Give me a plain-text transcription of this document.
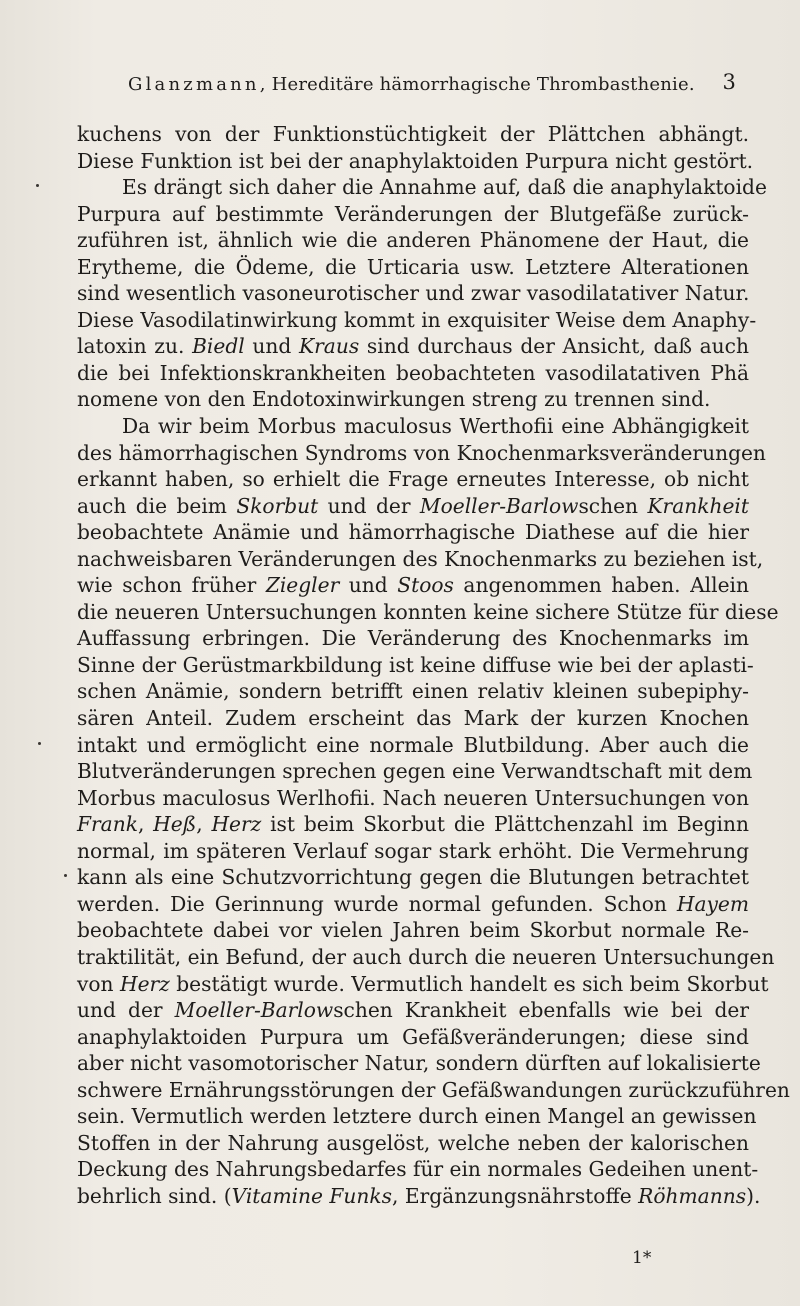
Glanzmann, Hereditäre hämorrhagische Thrombasthenie. 3
kuchens von der Funktionstüchtigkeit der Plättchen abhängt.
Diese Funktion ist bei der anaphylaktoiden Purpura nicht gestört.
Es drängt sich daher die Annahme auf, daß die anaphylaktoide
Purpura auf bestimmte Veränderungen der Blutgefäße zurück-
zuführen ist, ähnlich wie die anderen Phänomene der Haut, die
Erytheme, die Ödeme, die Urticaria usw. Letztere Alterationen
sind wesentlich vasoneurotischer und zwar vasodilatativer Natur.
Diese Vasodilatinwirkung kommt in exquisiter Weise dem Anaphy-
latoxin zu. Biedl und Kraus sind durchaus der Ansicht, daß auch
die bei Infektionskrankheiten beobachteten vasodilatativen Phä
nomene von den Endotoxinwirkungen streng zu trennen sind.
Da wir beim Morbus maculosus Werthofii eine Abhängigkeit
des hämorrhagischen Syndroms von Knochenmarksveränderungen
erkannt haben, so erhielt die Frage erneutes Interesse, ob nicht
auch die beim Skorbut und der Moeller-Barlowschen Krankheit
beobachtete Anämie und hämorrhagische Diathese auf die hier
nachweisbaren Veränderungen des Knochenmarks zu beziehen ist,
wie schon früher Ziegler und Stoos angenommen haben. Allein
die neueren Untersuchungen konnten keine sichere Stütze für diese
Auffassung erbringen. Die Veränderung des Knochenmarks im
Sinne der Gerüstmarkbildung ist keine diffuse wie bei der aplasti-
schen Anämie, sondern betrifft einen relativ kleinen subepiphy-
sären Anteil. Zudem erscheint das Mark der kurzen Knochen
intakt und ermöglicht eine normale Blutbildung. Aber auch die
Blutveränderungen sprechen gegen eine Verwandtschaft mit dem
Morbus maculosus Werlhofii. Nach neueren Untersuchungen von
Frank, Heß, Herz ist beim Skorbut die Plättchenzahl im Beginn
normal, im späteren Verlauf sogar stark erhöht. Die Vermehrung
kann als eine Schutzvorrichtung gegen die Blutungen betrachtet
werden. Die Gerinnung wurde normal gefunden. Schon Hayem
beobachtete dabei vor vielen Jahren beim Skorbut normale Re-
traktilität, ein Befund, der auch durch die neueren Untersuchungen
von Herz bestätigt wurde. Vermutlich handelt es sich beim Skorbut
und der Moeller-Barlowschen Krankheit ebenfalls wie bei der
anaphylaktoiden Purpura um Gefäßveränderungen; diese sind
aber nicht vasomotorischer Natur, sondern dürften auf lokalisierte
schwere Ernährungsstörungen der Gefäßwandungen zurückzuführen
sein. Vermutlich werden letztere durch einen Mangel an gewissen
Stoffen in der Nahrung ausgelöst, welche neben der kalorischen
Deckung des Nahrungsbedarfes für ein normales Gedeihen unent-
behrlich sind. (Vitamine Funks, Ergänzungsnährstoffe Röhmanns).
1*
